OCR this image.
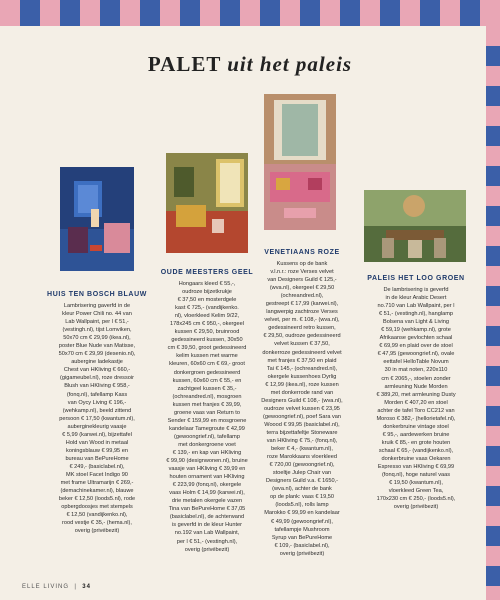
PALET uit het paleis
HUIS TEN BOSCH BLAUW

Lambrisering gaverfd in de

kleur Power Chili no. 44 van

Lab Wallpaint, per l € 51,-

(vestingh.nl), tijst Lomviken,

50x70 cm € 29,99 (ikea.nl),

poster Blue Nude van Matisse,

50x70 cm € 29,99 (desenio.nl),

aubergine ladekastje

Chest van HKliving € 660,-

(gigameubel.nl), roze dressoir

Blush van HKliving € 958,-

(fonq.nl), tafellamp Kass

van Oycy Living € 196,-

(wehkamp.nl), beeld zittend

persoon € 17,50 (kwantum.nl),

auberginekleurig vaasje

€ 5,99 (karwei.nl), bijzettafel

Hold van Wood in metaal

koningsblauw € 99,95 en

bureau van BePureHome

€ 249,- (basiclabel.nl),

MK stoel Facet Indigo 90

met frame Ultramarijn € 269,-

(demachinekamer.nl), blauwe

beker € 12,50 (loods5.nl), rode

opbergdoosjes met stempels

€ 12,50 (vandijkenko.nl),

rood vestje € 35,- (hema.nl),

overig (privébezit)

OUDE MEESTERS GEEL

Hongaars kleed € 55,-,

oudroze bijzetkrukje

€ 37,50 en mosterdgele

kast € 725,- (vandijkenko.

nl), vloerkleed Kelim 9/22,

178x245 cm € 950,-, okergeel

kussen € 29,50, bruinrood

gedessineerd kussen, 30x50

cm € 39,50, groot gedessineerd

kelim kussen met warme

kleuren, 60x60 cm € 69,- groot

donkergroen gedessineerd

kussen, 60x60 cm € 55,- en

zachtgeel kussen € 35,-

(ochreandred.nl), mosgroen

kussen met franjes € 39,99,

groene vaas van Return to

Sender € 159,99 en mosgroene

kandelaar Tamegroute € 42,99

(gewoongrief.nl), tafellamp

met donkergroene voet

€ 139,- en kap van HKliving

€ 99,90 (designwonen.nl), bruine

vaasje van HKliving € 39,99 en

houten ornament van HKliving

€ 223,99 (fonq.nl), okergele

vaas Holm € 14,99 (karwei.nl),

drie metalen okergele vazen

Tina van BePureHome € 37,05

(basiclabel.nl), de achterwand

is geverfd in de kleur Hunter

no.192 van Lab Wallpaint,

per l € 51,- (vestingh.nl),

overig (privébezit)

VENETIAANS ROZE

Kussens op de bank

v.l.n.r.: roze Verses velvet

van Designers Guild € 125,-

(wva.nl), okergeel € 29,50

(ochreandred.nl),

gestreept € 17,99 (karwei.nl),

langwerpig zachtroze Verses

velvet, per m. € 108,- (wva.nl),

gedessineerd retro kussen,

€ 29,50, oudroze gedessineerd

velvet kussen € 37,50,

donkerroze gedessineerd velvet

met franjes € 37,50 en plaid

Tai € 145,- (ochreandred.nl),

okergele kussenhoes Dyrlig

€ 12,99 (ikea.nl), roze kussen

met donkerrode rand van

Designers Guild € 108,- (wva.nl),

oudroze velvet kussen € 23,95

(gewoongrief.nl), poef Sara van

Woood € 99,95 (basiclabel.nl),

terra bijzettafeltje Stoneware

van HKliving € 75,- (fonq.nl),

beker € 4,- (kwantum.nl),

roze Marokkaans vloerkleed

€ 720,00 (gewoongrief.nl),

stoeltje Julep Chair van

Designers Guild v.a. € 1650,-

(wva.nl), achter de bank

op de plank: vaas € 19,50

(loods5.nl), rolls lamp

Marokko € 99,99 en kandelaar

€ 49,99 (gewoongrief.nl),

tafellampje Mushroom

Syrup van BePureHome

€ 109,- (basiclabel.nl),

overig (privébezit)

PALEIS HET LOO GROEN

De lambrisering is geverfd

in de kleur Arabic Desert

no.710 van Lab Wallpaint, per l

€ 51,- (vestingh.nl), hanglamp

Bolsena van Light & Living

€ 59,19 (wehkamp.nl), grote

Afrikaanse gevlochten schaal

€ 69,99 en plaid over de stoel

€ 47,95 (gewoongrief.nl), ovale

eettafel HelloTable Novum

30 in mat noten, 220x110

cm € 2065,-, stoelen zonder

armleuning Nude Morden

€ 389,20, met armleuning Dusty

Morden € 407,20 en stoel

achter de tafel Toro CC212 van

Moroso € 382,- (hellorietafel.nl),

donkerbruine vintage stoel

€ 95,-, aardewerken bruine

kruik € 85,- en grote houten

schaal € 65,- (vandijkenko.nl),

donkerbruine vaas Oekaren

Espresso van HKliving € 69,99

(fonq.nl), hoge naturel vaas

€ 19,50 (kwantum.nl),

vloerkleed Green Tea,

170x230 cm € 250,- (loods5.nl),

overig (privébezit)

ELLE LIVING  |  34
